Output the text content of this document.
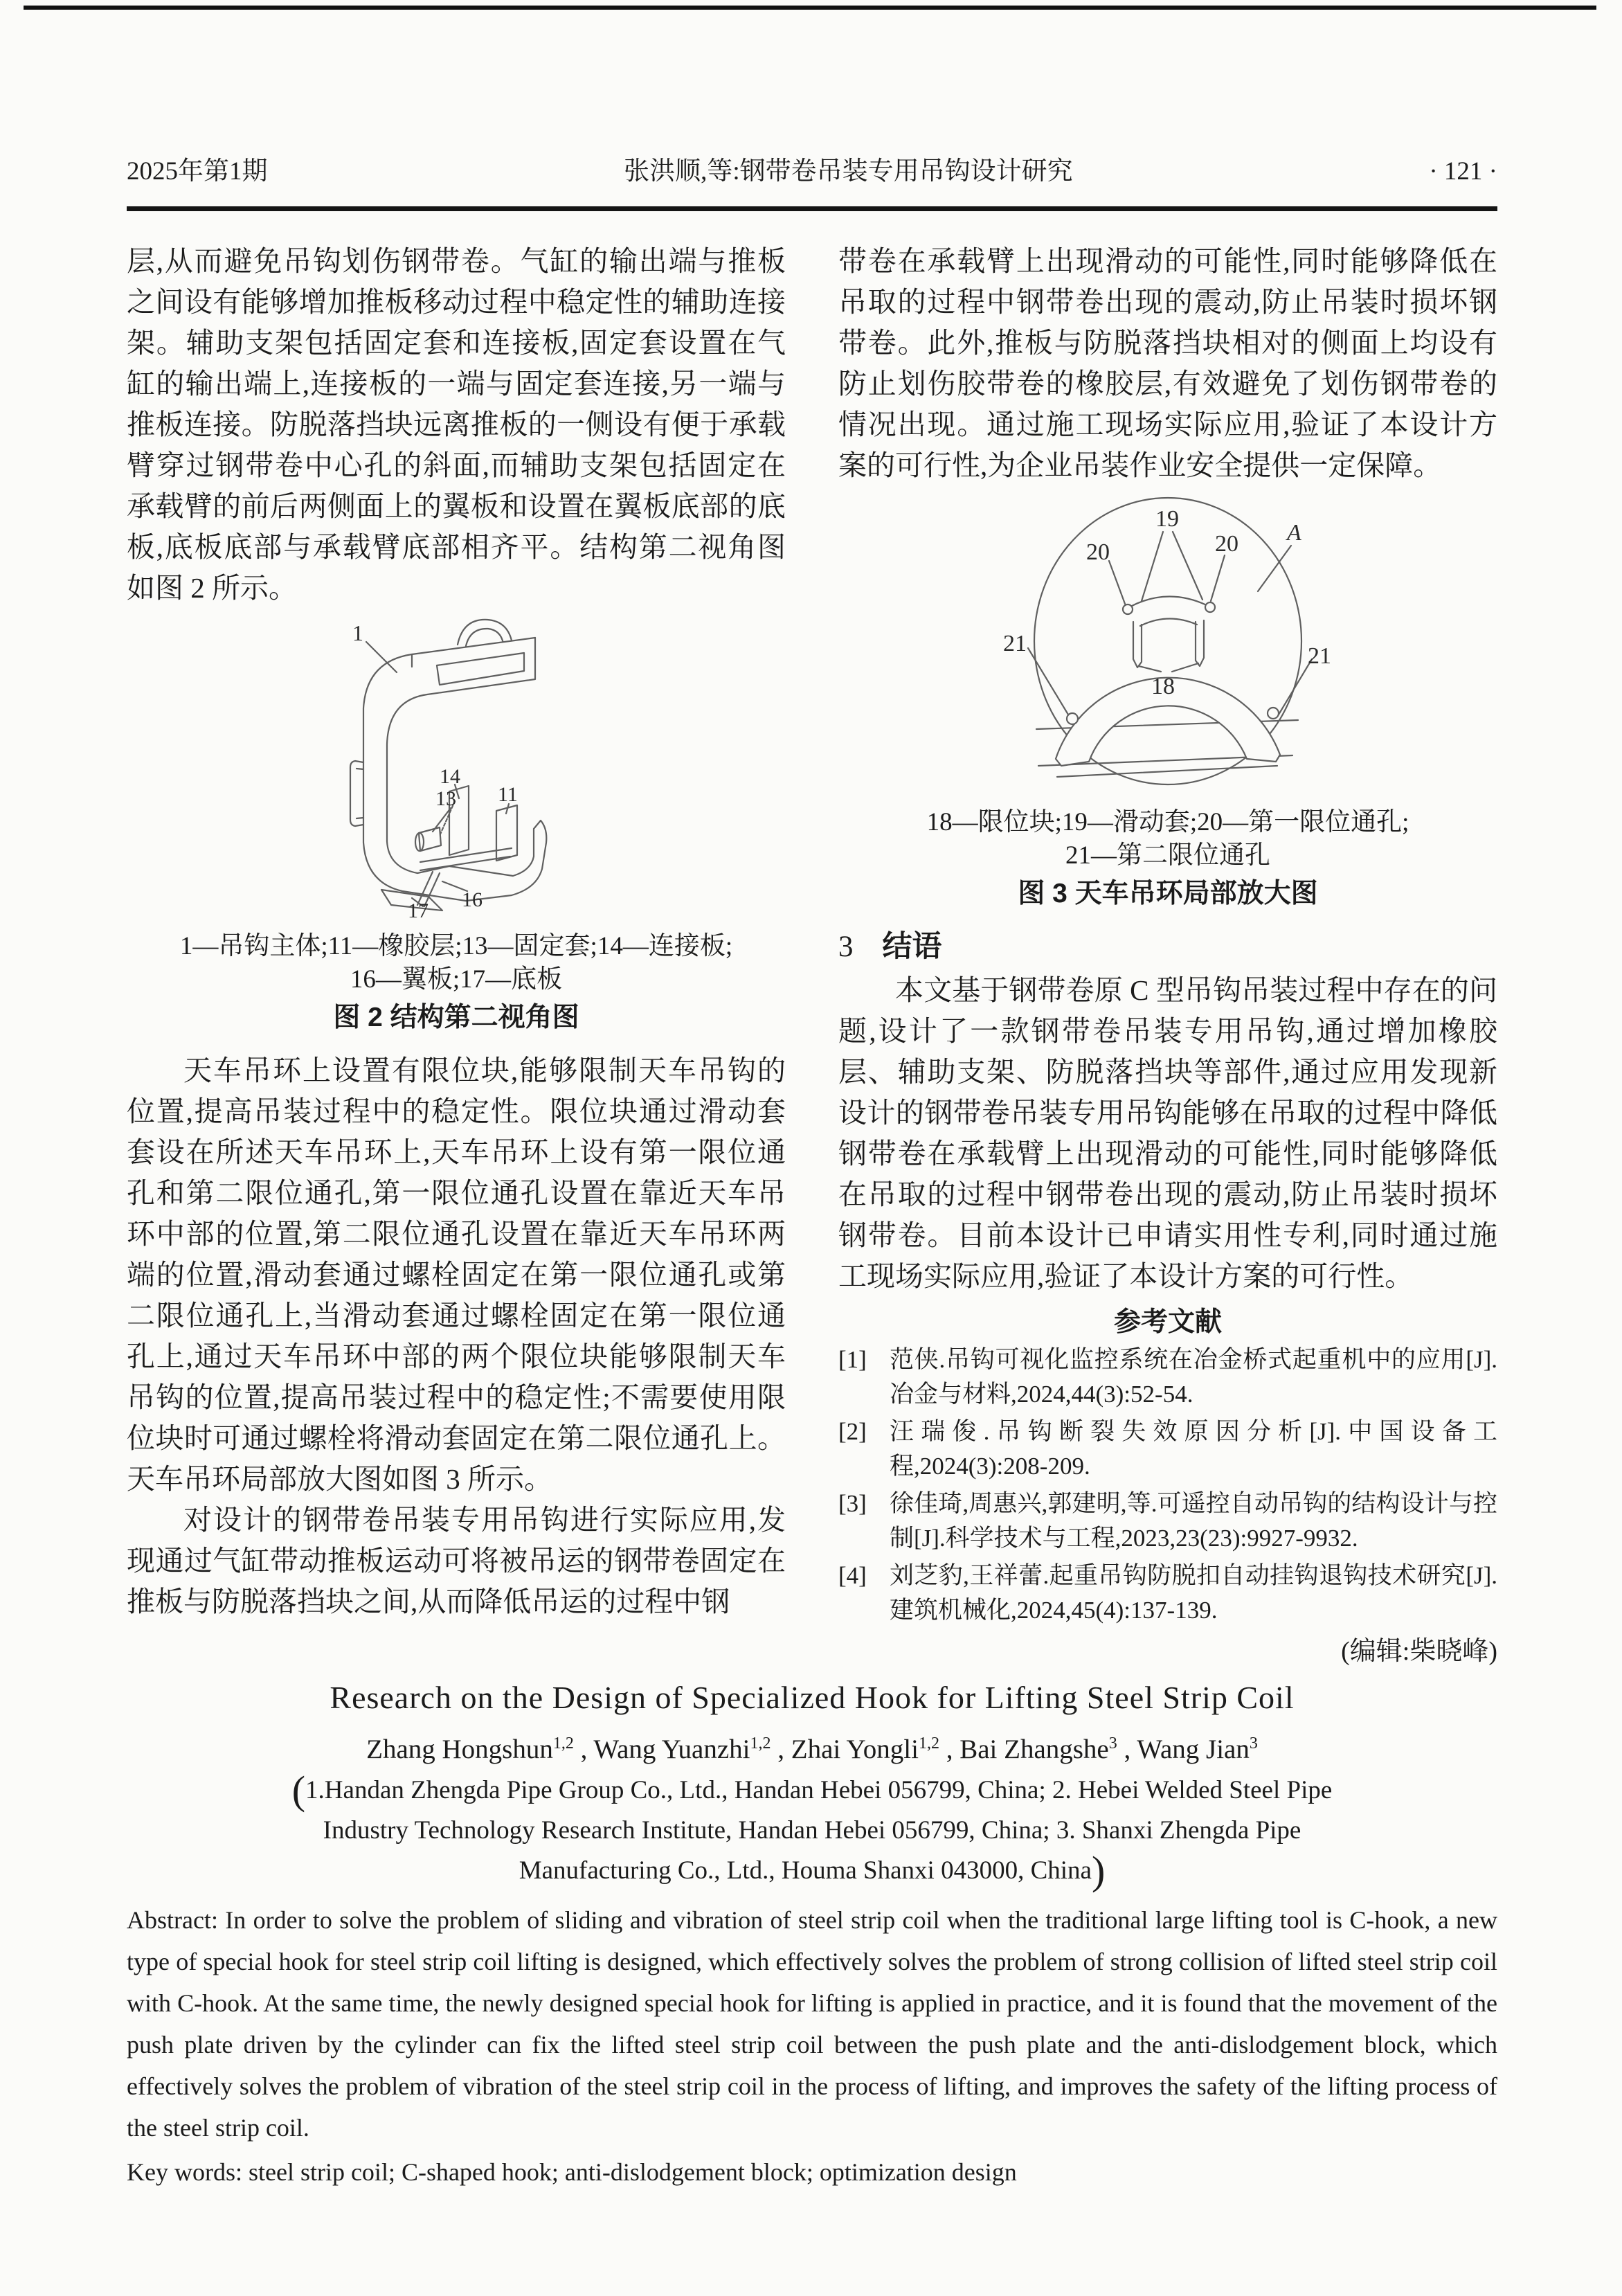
2025年第1期	张洪顺,等:钢带卷吊装专用吊钩设计研究	· 121 ·

层,从而避免吊钩划伤钢带卷。气缸的输出端与推板之间设有能够增加推板移动过程中稳定性的辅助连接架。辅助支架包括固定套和连接板,固定套设置在气缸的输出端上,连接板的一端与固定套连接,另一端与推板连接。防脱落挡块远离推板的一侧设有便于承载臂穿过钢带卷中心孔的斜面,而辅助支架包括固定在承载臂的前后两侧面上的翼板和设置在翼板底部的底板,底板底部与承载臂底部相齐平。结构第二视角图如图 2 所示。

1
14
13 11
16
17
1—吊钩主体;11—橡胶层;13—固定套;14—连接板;
16—翼板;17—底板
图 2 结构第二视角图

天车吊环上设置有限位块,能够限制天车吊钩的位置,提高吊装过程中的稳定性。限位块通过滑动套套设在所述天车吊环上,天车吊环上设有第一限位通孔和第二限位通孔,第一限位通孔设置在靠近天车吊环中部的位置,第二限位通孔设置在靠近天车吊环两端的位置,滑动套通过螺栓固定在第一限位通孔或第二限位通孔上,当滑动套通过螺栓固定在第一限位通孔上,通过天车吊环中部的两个限位块能够限制天车吊钩的位置,提高吊装过程中的稳定性;不需要使用限位块时可通过螺栓将滑动套固定在第二限位通孔上。天车吊环局部放大图如图 3 所示。

对设计的钢带卷吊装专用吊钩进行实际应用,发现通过气缸带动推板运动可将被吊运的钢带卷固定在推板与防脱落挡块之间,从而降低吊运的过程中钢

带卷在承载臂上出现滑动的可能性,同时能够降低在吊取的过程中钢带卷出现的震动,防止吊装时损坏钢带卷。此外,推板与防脱落挡块相对的侧面上均设有防止划伤胶带卷的橡胶层,有效避免了划伤钢带卷的情况出现。通过施工现场实际应用,验证了本设计方案的可行性,为企业吊装作业安全提供一定保障。

19
20	20 A
21	21
18
18—限位块;19—滑动套;20—第一限位通孔;
21—第二限位通孔
图 3 天车吊环局部放大图
3 结语

本文基于钢带卷原 C 型吊钩吊装过程中存在的问题,设计了一款钢带卷吊装专用吊钩,通过增加橡胶层、辅助支架、防脱落挡块等部件,通过应用发现新设计的钢带卷吊装专用吊钩能够在吊取的过程中降低钢带卷在承载臂上出现滑动的可能性,同时能够降低在吊取的过程中钢带卷出现的震动,防止吊装时损坏钢带卷。目前本设计已申请实用性专利,同时通过施工现场实际应用,验证了本设计方案的可行性。

参考文献
[1] 范侠.吊钩可视化监控系统在冶金桥式起重机中的应用[J].冶金与材料,2024,44(3):52-54.
[2] 汪瑞俊.吊钩断裂失效原因分析[J].中国设备工程,2024(3):208-209.
[3] 徐佳琦,周惠兴,郭建明,等.可遥控自动吊钩的结构设计与控制[J].科学技术与工程,2023,23(23):9927-9932.
[4] 刘芝豹,王祥蕾.起重吊钩防脱扣自动挂钩退钩技术研究[J].建筑机械化,2024,45(4):137-139.
(编辑:柴晓峰)
Research on the Design of Specialized Hook for Lifting Steel Strip Coil
Zhang Hongshun$^{1,2}$ , Wang Yuanzhi$^{1,2}$ , Zhai Yongli$^{1,2}$ , Bai Zhangshe$^3$ , Wang Jian$^3$
(1.Handan Zhengda Pipe Group Co., Ltd., Handan Hebei 056799, China; 2. Hebei Welded Steel Pipe
Industry Technology Research Institute, Handan Hebei 056799, China; 3. Shanxi Zhengda Pipe
Manufacturing Co., Ltd., Houma Shanxi 043000, China)
Abstract: In order to solve the problem of sliding and vibration of steel strip coil when the traditional large lifting tool is C-hook, a new type of special hook for steel strip coil lifting is designed, which effectively solves the problem of strong collision of lifted steel strip coil with C-hook. At the same time, the newly designed special hook for lifting is applied in practice, and it is found that the movement of the push plate driven by the cylinder can fix the lifted steel strip coil between the push plate and the anti-dislodgement block, which effectively solves the problem of vibration of the steel strip coil in the process of lifting, and improves the safety of the lifting process of the steel strip coil.
Key words: steel strip coil; C-shaped hook; anti-dislodgement block; optimization design
